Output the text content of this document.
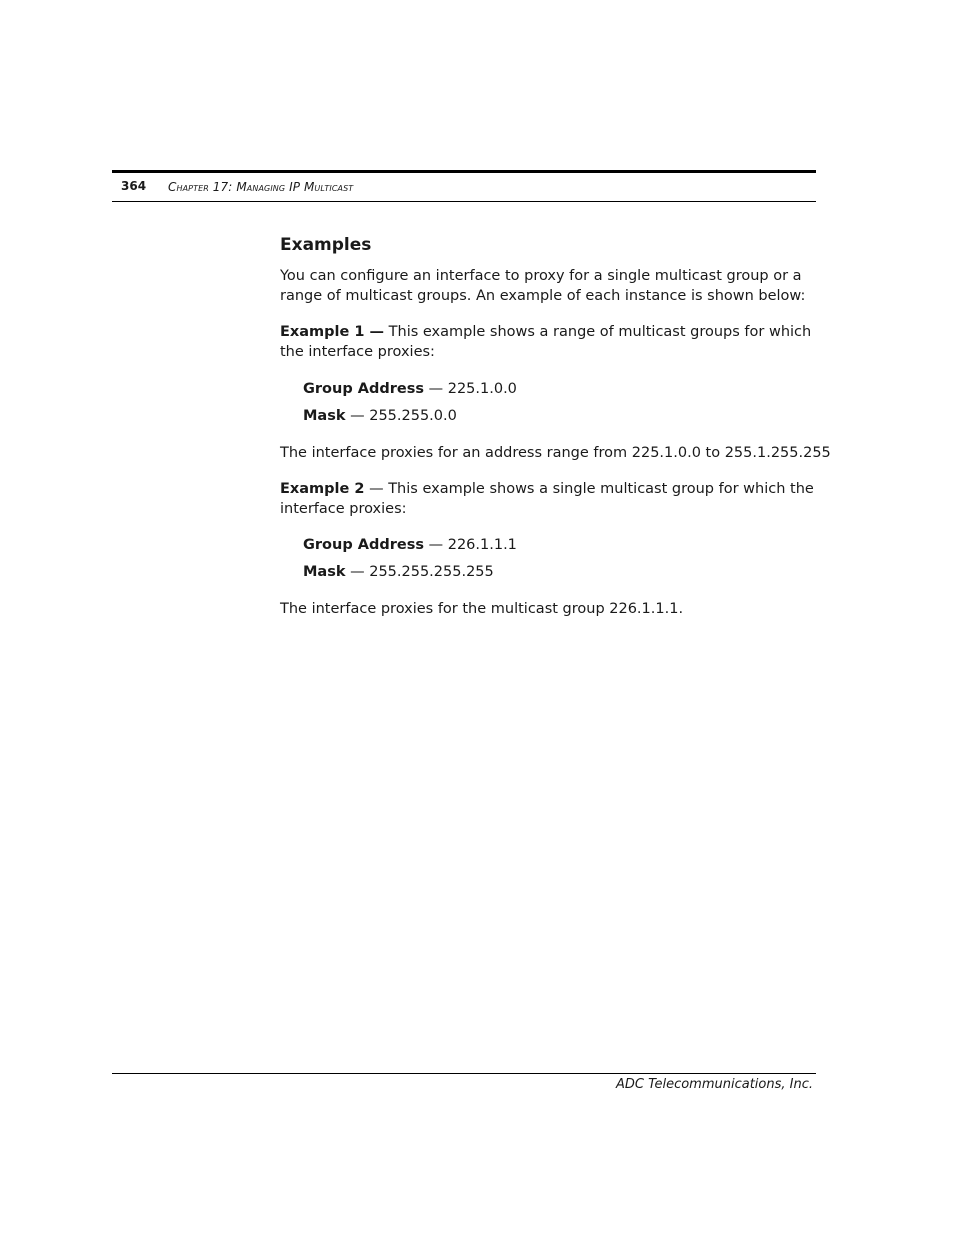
364 Chapter 17: Managing IP Multicast
Examples

You can configure an interface to proxy for a single multicast group or a range of multicast groups. An example of each instance is shown below:

Example 1 — This example shows a range of multicast groups for which the interface proxies:

Group Address — 225.1.0.0

Mask — 255.255.0.0

The interface proxies for an address range from 225.1.0.0 to 255.1.255.255

Example 2 — This example shows a single multicast group for which the interface proxies:

Group Address — 226.1.1.1

Mask — 255.255.255.255

The interface proxies for the multicast group 226.1.1.1.

ADC Telecommunications, Inc.
